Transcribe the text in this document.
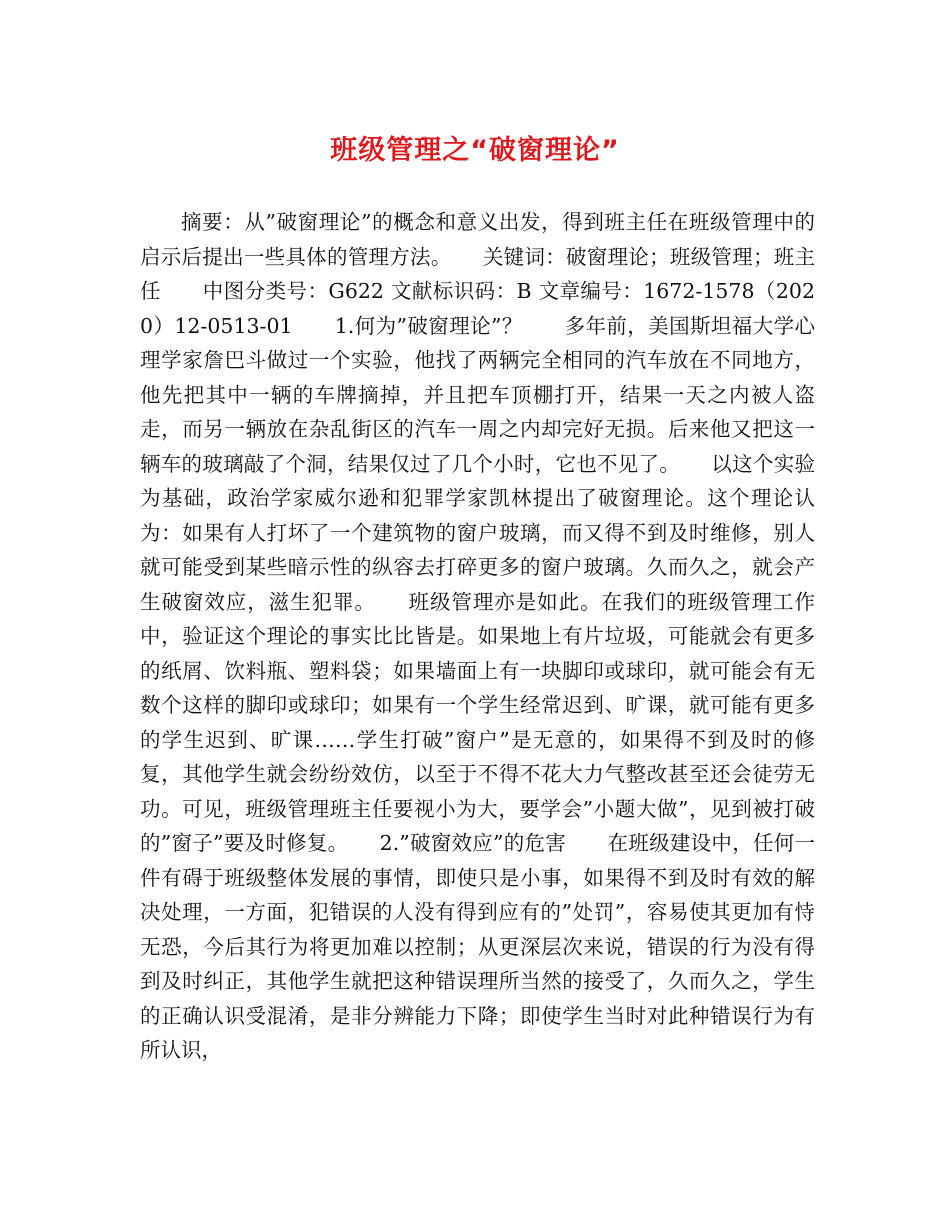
班级管理之“破窗理论”
摘要：从”破窗理论”的概念和意义出发，得到班主任在班级管理中的启示后提出一些具体的管理方法。　　关键词：破窗理论；班级管理；班主任　　中图分类号：G622 文献标识码：B 文章编号：1672-1578（2020）12-0513-01　　1.何为”破窗理论”？　　多年前，美国斯坦福大学心理学家詹巴斗做过一个实验，他找了两辆完全相同的汽车放在不同地方，他先把其中一辆的车牌摘掉，并且把车顶棚打开，结果一天之内被人盗走，而另一辆放在杂乱街区的汽车一周之内却完好无损。后来他又把这一辆车的玻璃敲了个洞，结果仅过了几个小时，它也不见了。　　以这个实验为基础，政治学家威尔逊和犯罪学家凯林提出了破窗理论。这个理论认为：如果有人打坏了一个建筑物的窗户玻璃，而又得不到及时维修，别人就可能受到某些暗示性的纵容去打碎更多的窗户玻璃。久而久之，就会产生破窗效应，滋生犯罪。　　班级管理亦是如此。在我们的班级管理工作中，验证这个理论的事实比比皆是。如果地上有片垃圾，可能就会有更多的纸屑、饮料瓶、塑料袋；如果墙面上有一块脚印或球印，就可能会有无数个这样的脚印或球印；如果有一个学生经常迟到、旷课，就可能有更多的学生迟到、旷课……学生打破”窗户”是无意的，如果得不到及时的修复，其他学生就会纷纷效仿，以至于不得不花大力气整改甚至还会徒劳无功。可见，班级管理班主任要视小为大，要学会”小题大做”，见到被打破的”窗子”要及时修复。　　2.”破窗效应”的危害　　在班级建设中，任何一件有碍于班级整体发展的事情，即使只是小事，如果得不到及时有效的解决处理，一方面，犯错误的人没有得到应有的”处罚”，容易使其更加有恃无恐，今后其行为将更加难以控制；从更深层次来说，错误的行为没有得到及时纠正，其他学生就把这种错误理所当然的接受了，久而久之，学生的正确认识受混淆，是非分辨能力下降；即使学生当时对此种错误行为有所认识，
